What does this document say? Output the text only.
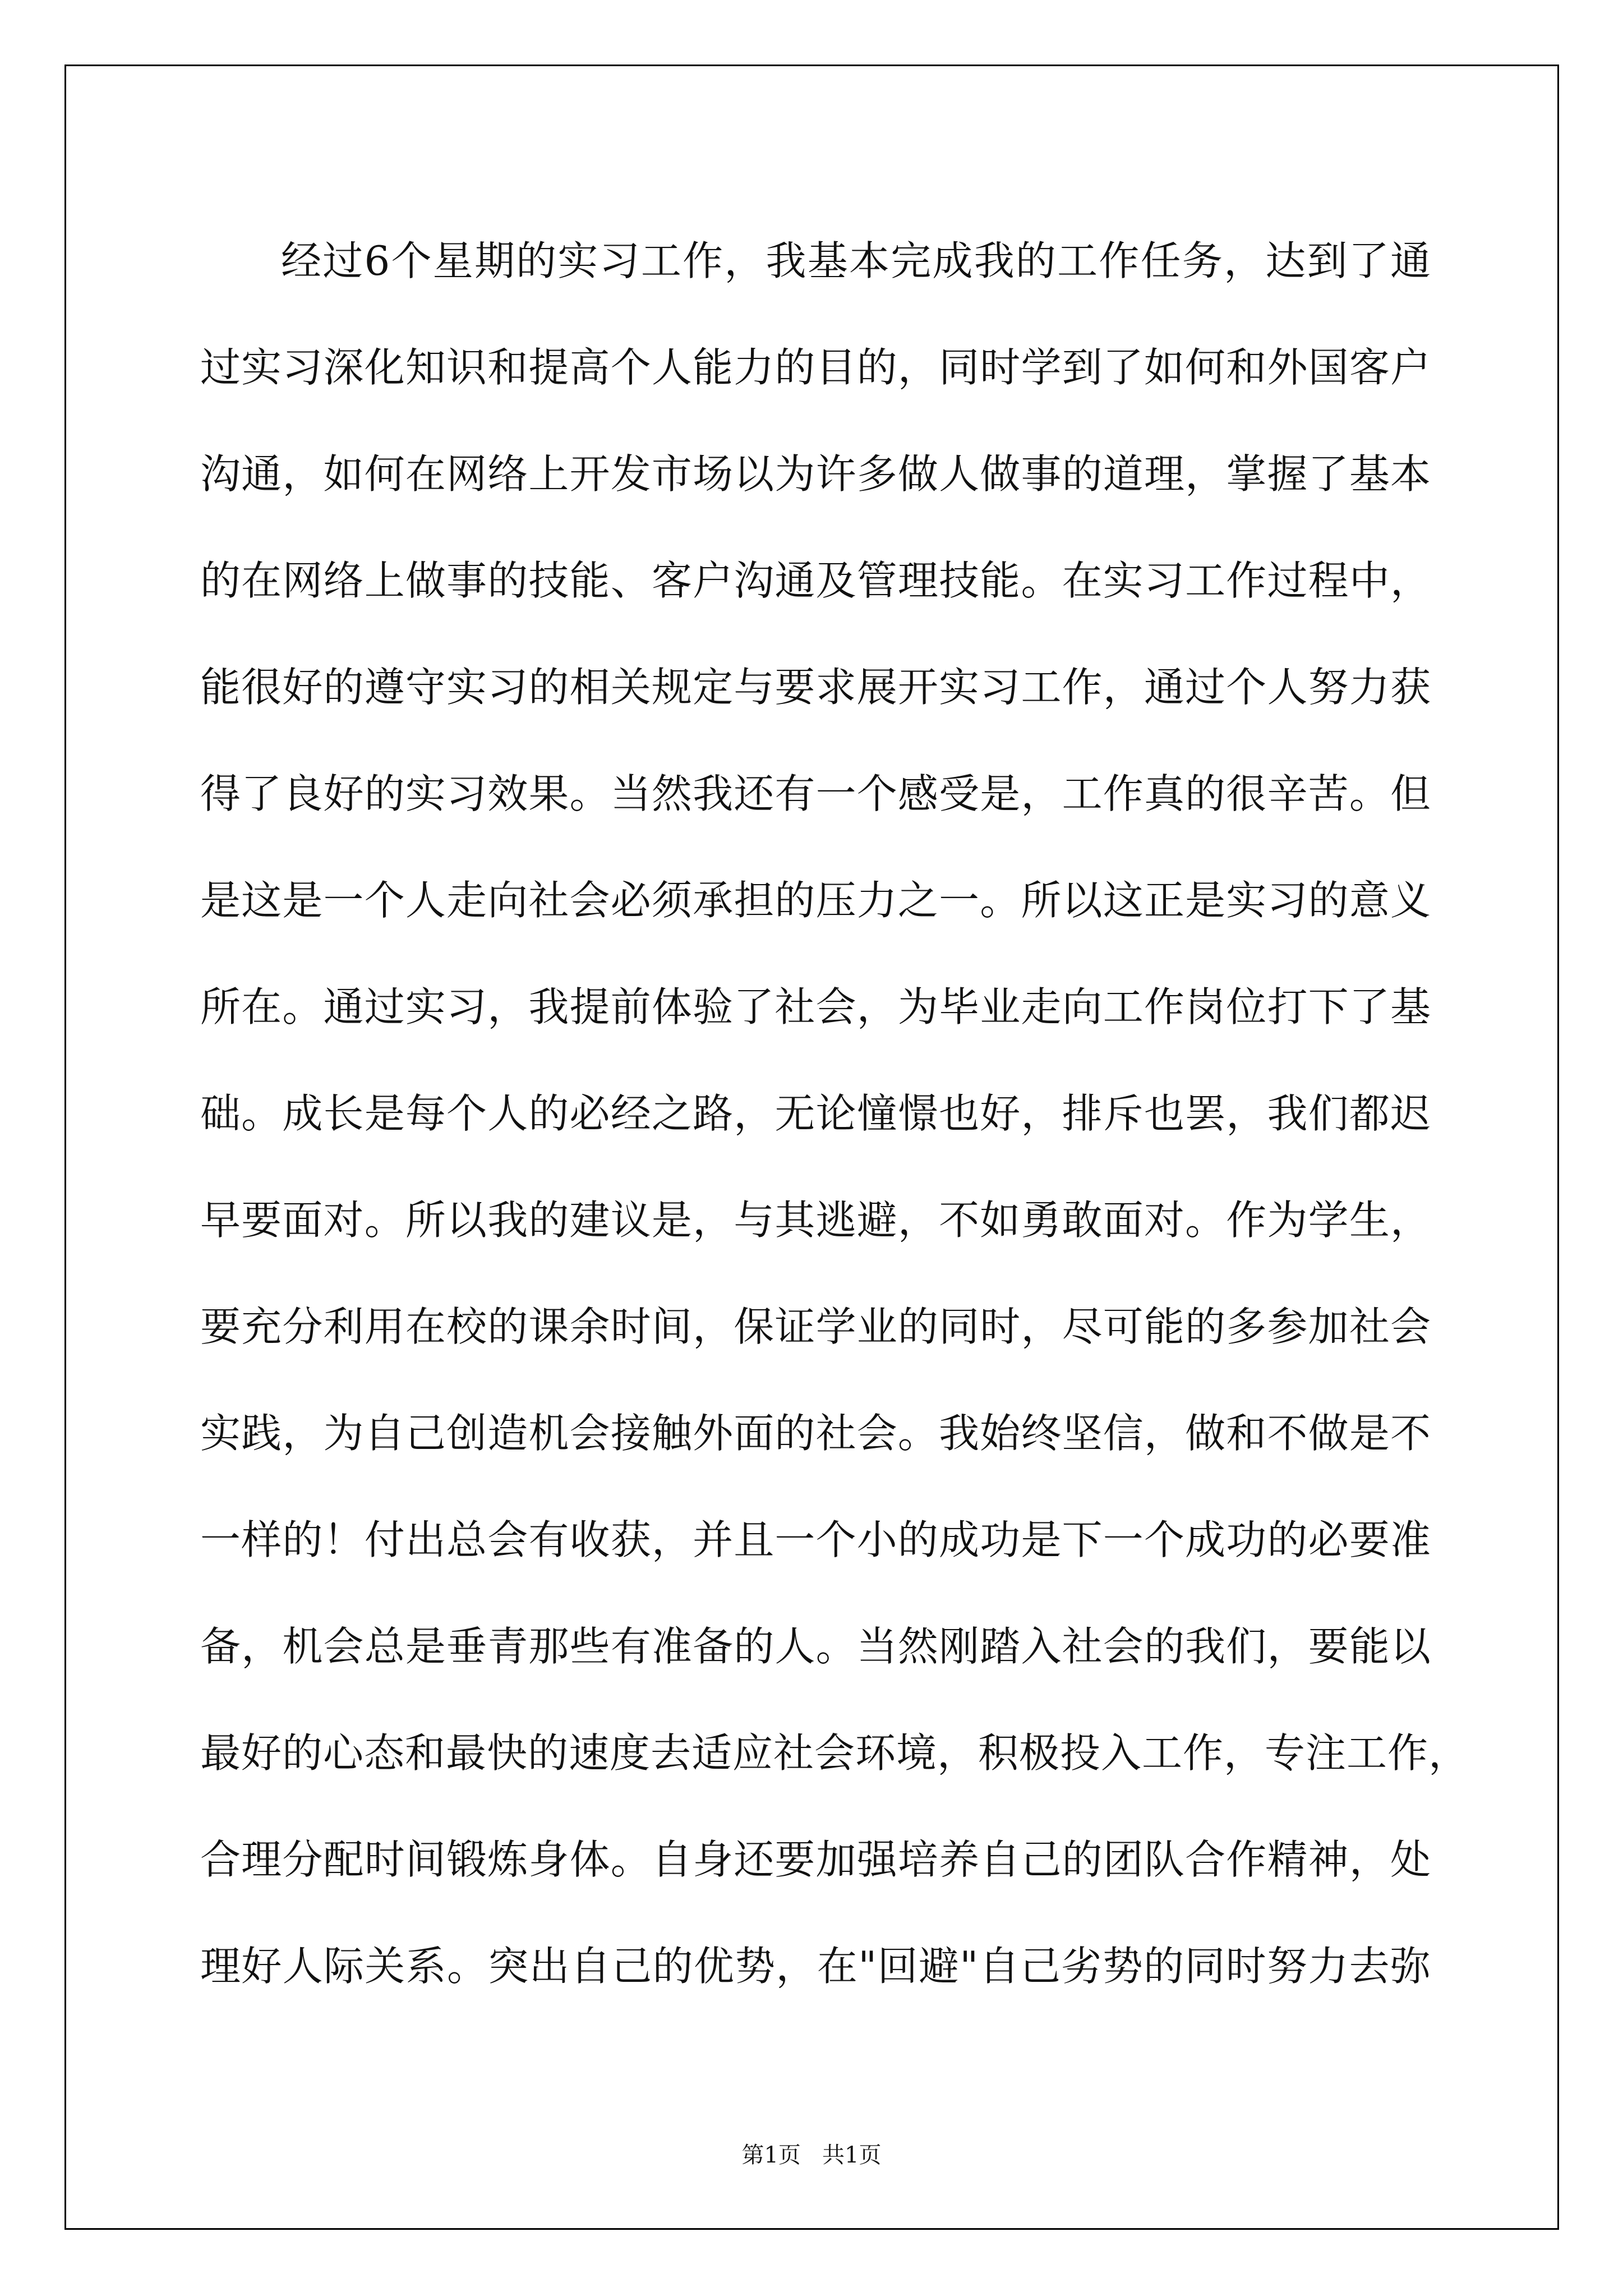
经过6个星期的实习工作，我基本完成我的工作任务，达到了通
过实习深化知识和提高个人能力的目的，同时学到了如何和外国客户
沟通，如何在网络上开发市场以为许多做人做事的道理，掌握了基本
的在网络上做事的技能、客户沟通及管理技能。在实习工作过程中，
能很好的遵守实习的相关规定与要求展开实习工作，通过个人努力获
得了良好的实习效果。当然我还有一个感受是，工作真的很辛苦。但
是这是一个人走向社会必须承担的压力之一。所以这正是实习的意义
所在。通过实习，我提前体验了社会，为毕业走向工作岗位打下了基
础。成长是每个人的必经之路，无论憧憬也好，排斥也罢，我们都迟
早要面对。所以我的建议是，与其逃避，不如勇敢面对。作为学生，
要充分利用在校的课余时间，保证学业的同时，尽可能的多参加社会
实践，为自己创造机会接触外面的社会。我始终坚信，做和不做是不
一样的！付出总会有收获，并且一个小的成功是下一个成功的必要准
备，机会总是垂青那些有准备的人。当然刚踏入社会的我们，要能以
最好的心态和最快的速度去适应社会环境，积极投入工作，专注工作，
合理分配时间锻炼身体。自身还要加强培养自己的团队合作精神，处
理好人际关系。突出自己的优势，在"回避"自己劣势的同时努力去弥
第1页   共1页
